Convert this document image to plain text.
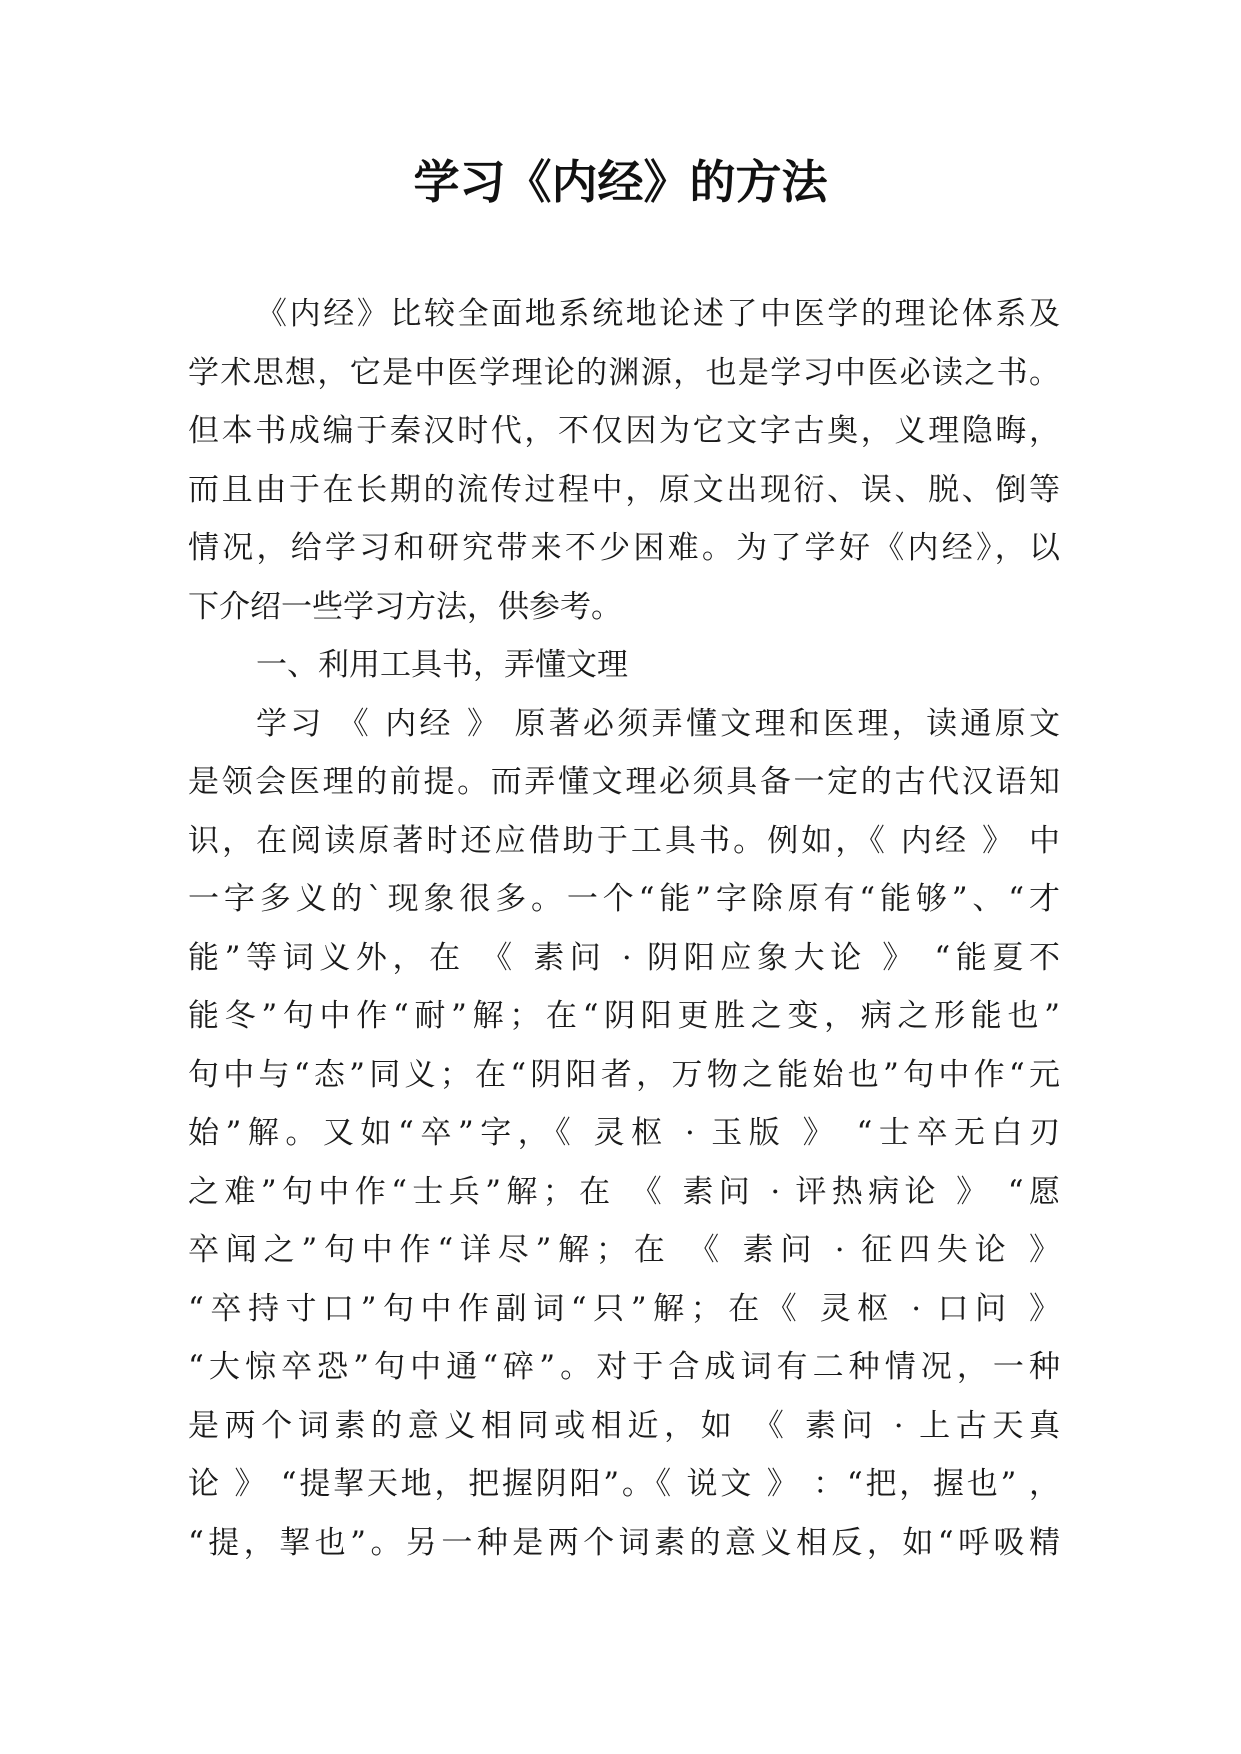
学习《内经》的方法
《内经》比较全面地系统地论述了中医学的理论体系及
学术思想，它是中医学理论的渊源，也是学习中医必读之书。
但本书成编于秦汉时代，不仅因为它文字古奥，义理隐晦，
而且由于在长期的流传过程中，原文出现衍、误、脱、倒等
情况，给学习和研究带来不少困难。为了学好《内经》，以
下介绍一些学习方法，供参考。
一、利用工具书，弄懂文理
学习 《 内经 》 原著必须弄懂文理和医理，读通原文
是领会医理的前提。而弄懂文理必须具备一定的古代汉语知
识，在阅读原著时还应借助于工具书。例如，《 内经 》 中
一字多义的`现象很多。一个“能”字除原有“能够”、“才
能”等词义外，在 《 素问 · 阴阳应象大论 》 “能夏不
能冬”句中作“耐”解；在“阴阳更胜之变，病之形能也”
句中与“态”同义；在“阴阳者，万物之能始也”句中作“元
始”解。又如“卒”字，《 灵枢 · 玉版 》 “士卒无白刃
之难”句中作“士兵”解；在 《 素问 · 评热病论 》 “愿
卒闻之”句中作“详尽”解；在 《 素问 · 征四失论 》
“卒持寸口”句中作副词“只”解；在《 灵枢 · 口问 》
“大惊卒恐”句中通“碎”。对于合成词有二种情况，一种
是两个词素的意义相同或相近，如 《 素问 · 上古天真
论 》 “提挈天地，把握阴阳”。《 说文 》 ：“把，握也” ，
“提，挈也”。另一种是两个词素的意义相反，如“呼吸精
